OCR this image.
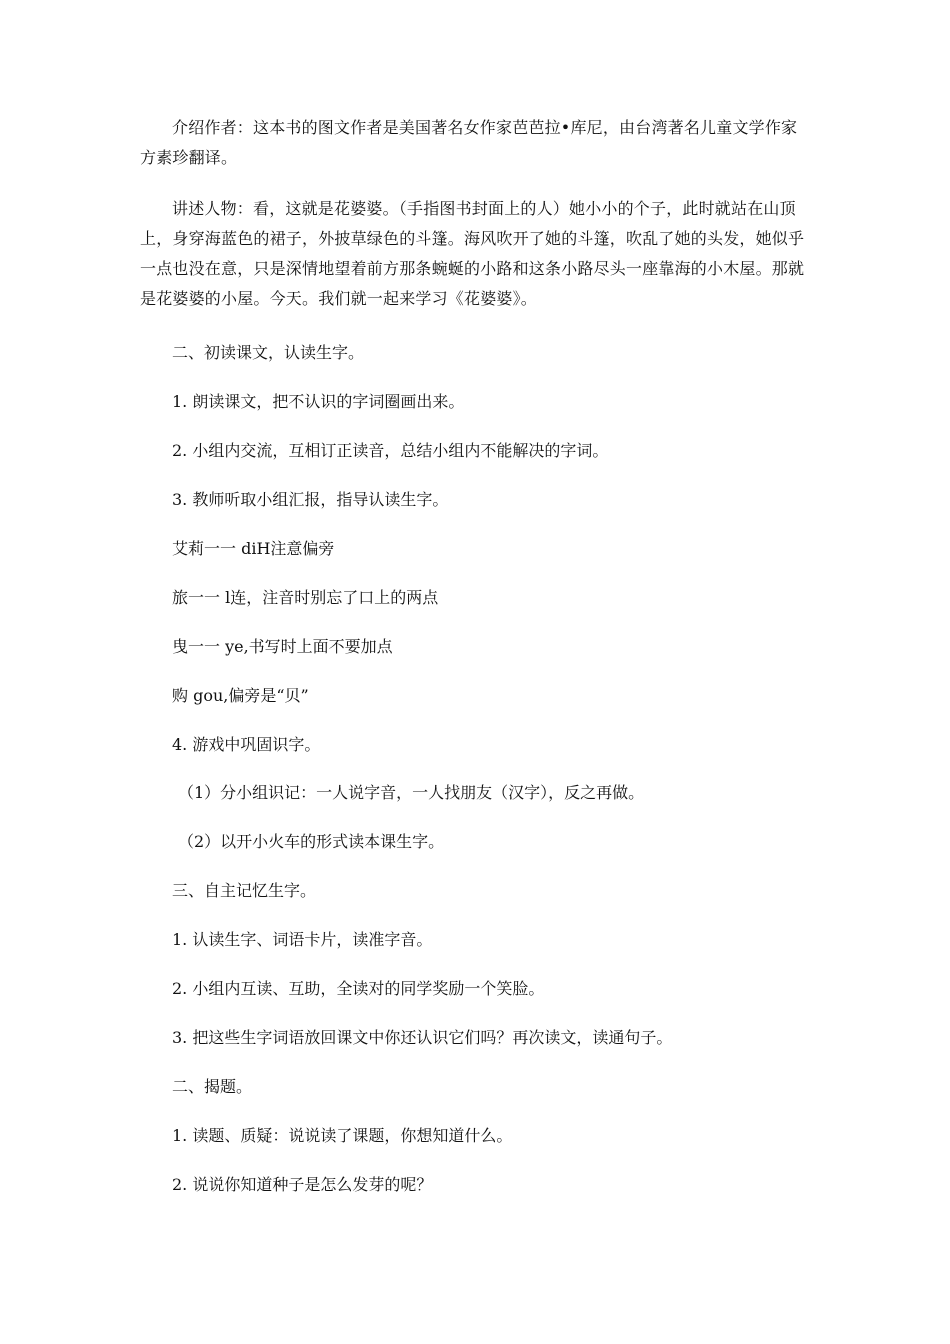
介绍作者：这本书的图文作者是美国著名女作家芭芭拉•库尼，由台湾著名儿童文学作家方素珍翻译。
讲述人物：看，这就是花婆婆。（手指图书封面上的人）她小小的个子，此时就站在山顶上，身穿海蓝色的裙子，外披草绿色的斗篷。海风吹开了她的斗篷，吹乱了她的头发，她似乎一点也没在意，只是深情地望着前方那条蜿蜒的小路和这条小路尽头一座靠海的小木屋。那就是花婆婆的小屋。今天。我们就一起来学习《花婆婆》。
二、初读课文，认读生字。
1. 朗读课文，把不认识的字词圈画出来。
2. 小组内交流，互相订正读音，总结小组内不能解决的字词。
3. 教师听取小组汇报，指导认读生字。
艾莉一一 diH注意偏旁
旅一一 l连，注音时别忘了口上的两点
曳一一 ye,书写时上面不要加点
购 gou,偏旁是“贝”
4. 游戏中巩固识字。
（1）分小组识记：一人说字音，一人找朋友（汉字），反之再做。
（2）以开小火车的形式读本课生字。
三、自主记忆生字。
1. 认读生字、词语卡片，读准字音。
2. 小组内互读、互助，全读对的同学奖励一个笑脸。
3. 把这些生字词语放回课文中你还认识它们吗？再次读文，读通句子。
二、揭题。
1. 读题、质疑：说说读了课题，你想知道什么。
2. 说说你知道种子是怎么发芽的呢？
